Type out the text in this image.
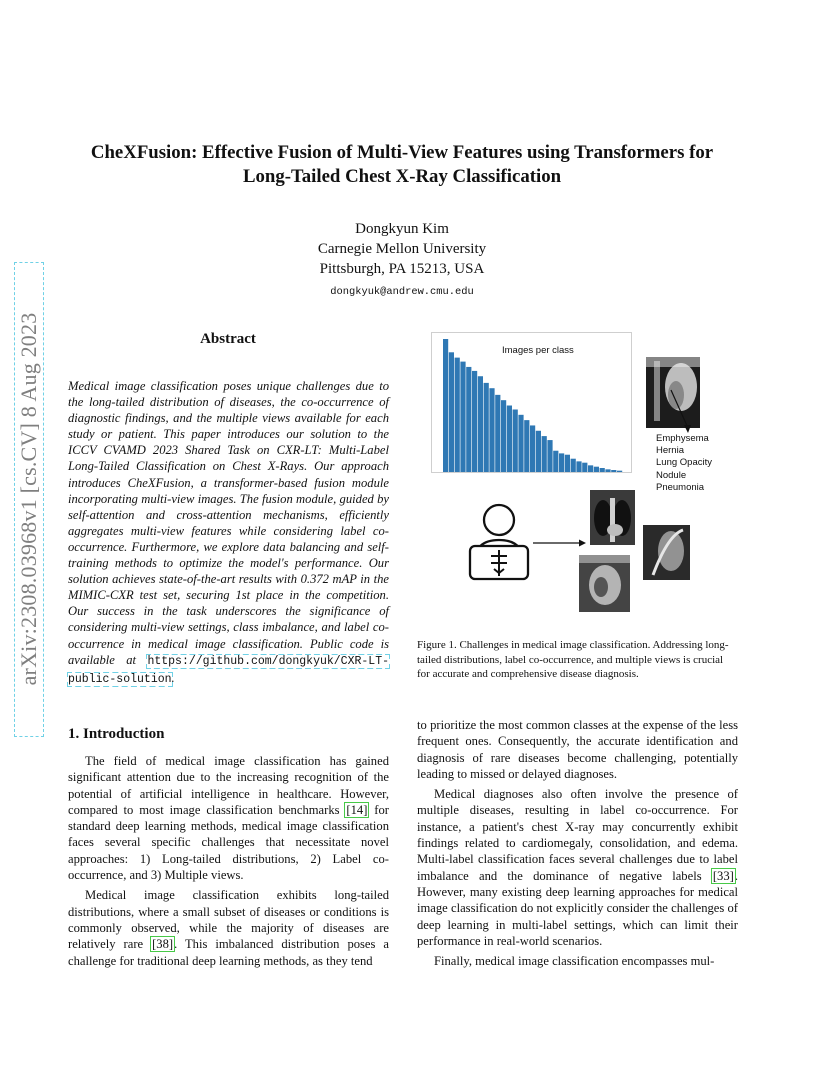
CheXFusion: Effective Fusion of Multi-View Features using Transformers for
Long-Tailed Chest X-Ray Classification
Dongkyun Kim
Carnegie Mellon University
Pittsburgh, PA 15213, USA
dongkyuk@andrew.cmu.edu
arXiv:2308.03968v1 [cs.CV] 8 Aug 2023	Abstract
Medical image classification poses unique challenges due to the long-tailed distribution of diseases, the co-occurrence of diagnostic findings, and the multiple views available for each study or patient. This paper introduces our solution to the ICCV CVAMD 2023 Shared Task on CXR-LT: Multi-Label Long-Tailed Classification on Chest X-Rays. Our approach introduces CheXFusion, a transformer-based fusion module incorporating multi-view images. The fusion module, guided by self-attention and cross-attention mechanisms, efficiently aggregates multi-view features while considering label co-occurrence. Furthermore, we explore data balancing and self-training methods to optimize the model's performance. Our solution achieves state-of-the-art results with 0.372 mAP in the MIMIC-CXR test set, securing 1st place in the competition. Our success in the task underscores the significance of considering multi-view settings, class imbalance, and label co-occurrence in medical image classification. Public code is available at https://github.com/dongkyuk/CXR-LT-public-solution.
Images per class
Emphysema
Hernia
Lung Opacity
Nodule
Pneumonia
Figure 1. Challenges in medical image classification. Addressing long-tailed distributions, label co-occurrence, and multiple views is crucial for accurate and comprehensive disease diagnosis.
1. Introduction

The field of medical image classification has gained significant attention due to the increasing recognition of the potential of artificial intelligence in healthcare. However, compared to most image classification benchmarks [14] for standard deep learning methods, medical image classification faces several specific challenges that necessitate novel approaches: 1) Long-tailed distributions, 2) Label co-occurrence, and 3) Multiple views.

Medical image classification exhibits long-tailed distributions, where a small subset of diseases or conditions is commonly observed, while the majority of diseases are relatively rare [38]. This imbalanced distribution poses a challenge for traditional deep learning methods, as they tend

to prioritize the most common classes at the expense of the less frequent ones. Consequently, the accurate identification and diagnosis of rare diseases become challenging, potentially leading to missed or delayed diagnoses.

Medical diagnoses also often involve the presence of multiple diseases, resulting in label co-occurrence. For instance, a patient's chest X-ray may concurrently exhibit findings related to cardiomegaly, consolidation, and edema. Multi-label classification faces several challenges due to label imbalance and the dominance of negative labels [33]. However, many existing deep learning approaches for medical image classification do not explicitly consider the challenges of deep learning in multi-label settings, which can limit their performance in real-world scenarios.

Finally, medical image classification encompasses mul-
